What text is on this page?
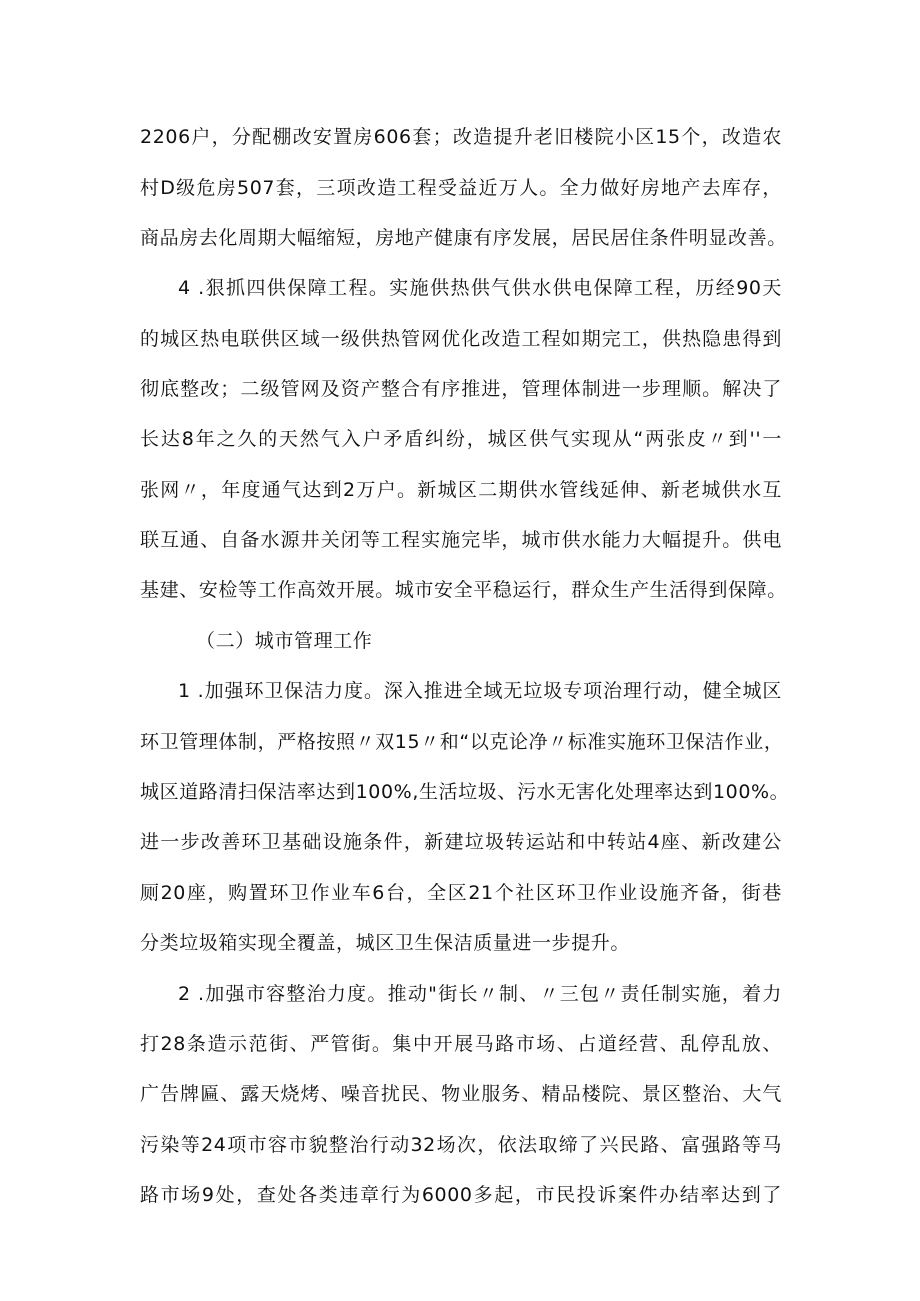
2206户，分配棚改安置房606套；改造提升老旧楼院小区15个，改造农
村D级危房507套，三项改造工程受益近万人。全力做好房地产去库存，
商品房去化周期大幅缩短，房地产健康有序发展，居民居住条件明显改善。
4 .狠抓四供保障工程。实施供热供气供水供电保障工程，历经90天
的城区热电联供区域一级供热管网优化改造工程如期完工，供热隐患得到
彻底整改；二级管网及资产整合有序推进，管理体制进一步理顺。解决了
长达8年之久的天然气入户矛盾纠纷，城区供气实现从“两张皮〃到''一
张网〃，年度通气达到2万户。新城区二期供水管线延伸、新老城供水互
联互通、自备水源井关闭等工程实施完毕，城市供水能力大幅提升。供电
基建、安检等工作高效开展。城市安全平稳运行，群众生产生活得到保障。
（二）城市管理工作
1 .加强环卫保洁力度。深入推进全域无垃圾专项治理行动，健全城区
环卫管理体制，严格按照〃双15〃和“以克论净〃标准实施环卫保洁作业，
城区道路清扫保洁率达到100%,生活垃圾、污水无害化处理率达到100%。
进一步改善环卫基础设施条件，新建垃圾转运站和中转站4座、新改建公
厕20座，购置环卫作业车6台，全区21个社区环卫作业设施齐备，街巷
分类垃圾箱实现全覆盖，城区卫生保洁质量进一步提升。
2 .加强市容整治力度。推动"街长〃制、〃三包〃责任制实施，着力
打28条造示范街、严管街。集中开展马路市场、占道经营、乱停乱放、
广告牌匾、露天烧烤、噪音扰民、物业服务、精品楼院、景区整治、大气
污染等24项市容市貌整治行动32场次，依法取缔了兴民路、富强路等马
路市场9处，查处各类违章行为6000多起，市民投诉案件办结率达到了
